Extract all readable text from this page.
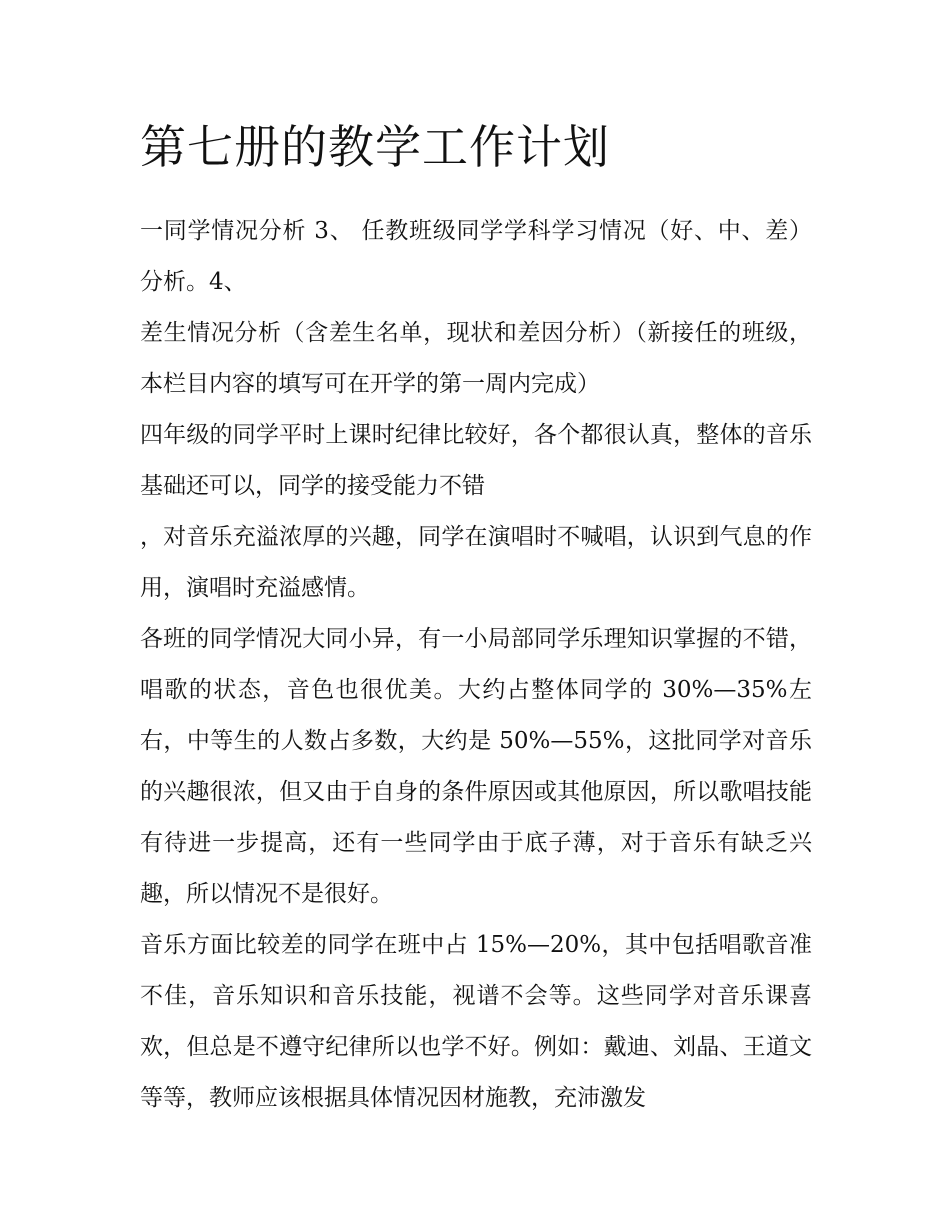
第七册的教学工作计划

一同学情况分析 3、 任教班级同学学科学习情况（好、中、差）分析。4、

差生情况分析（含差生名单，现状和差因分析）（新接任的班级，本栏目内容的填写可在开学的第一周内完成）

四年级的同学平时上课时纪律比较好，各个都很认真，整体的音乐基础还可以，同学的接受能力不错

，对音乐充溢浓厚的兴趣，同学在演唱时不喊唱，认识到气息的作用，演唱时充溢感情。

各班的同学情况大同小异，有一小局部同学乐理知识掌握的不错，唱歌的状态，音色也很优美。大约占整体同学的 30%—35%左右，中等生的人数占多数，大约是 50%—55%，这批同学对音乐的兴趣很浓，但又由于自身的条件原因或其他原因，所以歌唱技能有待进一步提高，还有一些同学由于底子薄，对于音乐有缺乏兴趣，所以情况不是很好。

音乐方面比较差的同学在班中占 15%—20%，其中包括唱歌音准不佳，音乐知识和音乐技能，视谱不会等。这些同学对音乐课喜欢，但总是不遵守纪律所以也学不好。例如：戴迪、刘晶、王道文等等，教师应该根据具体情况因材施教，充沛激发
